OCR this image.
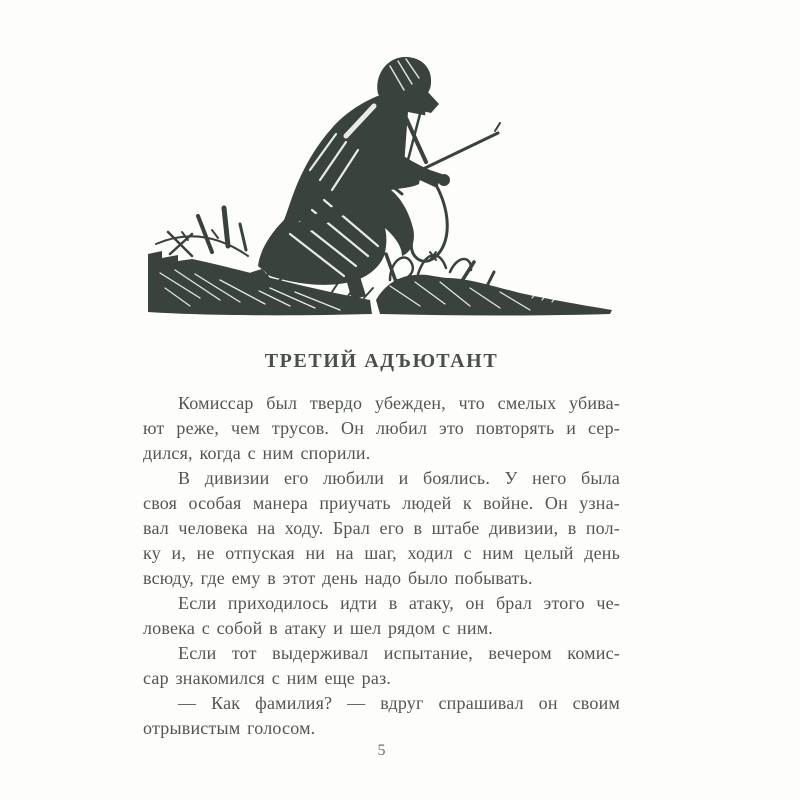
ТРЕТИЙ АДЪЮТАНТ
Комиссар был твердо убежден, что смелых убива-
ют реже, чем трусов. Он любил это повторять и сер-
дился, когда с ним спорили.
В дивизии его любили и боялись. У него была
своя особая манера приучать людей к войне. Он узна-
вал человека на ходу. Брал его в штабе дивизии, в пол-
ку и, не отпуская ни на шаг, ходил с ним целый день
всюду, где ему в этот день надо было побывать.
Если приходилось идти в атаку, он брал этого че-
ловека с собой в атаку и шел рядом с ним.
Если тот выдерживал испытание, вечером комис-
сар знакомился с ним еще раз.
— Как фамилия? — вдруг спрашивал он своим
отрывистым голосом.
5
